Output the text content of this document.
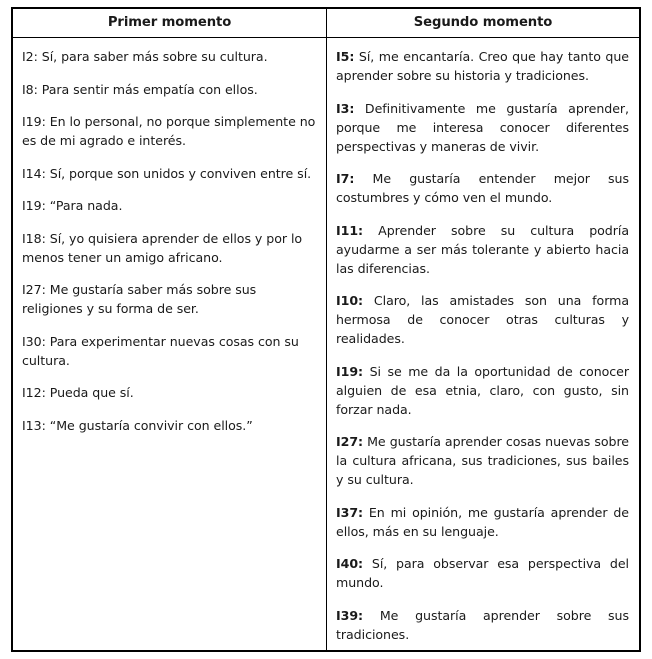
Primer momento	Segundo momento

I2: Sí, para saber más sobre su cultura.

I8: Para sentir más empatía con ellos.

I19: En lo personal, no porque simplemente no es de mi agrado e interés.

I14: Sí, porque son unidos y conviven entre sí.

I19: “Para nada.

I18: Sí, yo quisiera aprender de ellos y por lo menos tener un amigo africano.

I27: Me gustaría saber más sobre sus religiones y su forma de ser.

I30: Para experimentar nuevas cosas con su cultura.

I12: Pueda que sí.

I13: “Me gustaría convivir con ellos.”

I5: Sí, me encantaría. Creo que hay tanto que aprender sobre su historia y tradiciones.

I3: Definitivamente me gustaría aprender, porque me interesa conocer diferentes perspectivas y maneras de vivir.

I7: Me gustaría entender mejor sus costumbres y cómo ven el mundo.

I11: Aprender sobre su cultura podría ayudarme a ser más tolerante y abierto hacia las diferencias.

I10: Claro, las amistades son una forma hermosa de conocer otras culturas y realidades.

I19: Si se me da la oportunidad de conocer alguien de esa etnia, claro, con gusto, sin forzar nada.

I27: Me gustaría aprender cosas nuevas sobre la cultura africana, sus tradiciones, sus bailes y su cultura.

I37: En mi opinión, me gustaría aprender de ellos, más en su lenguaje.

I40: Sí, para observar esa perspectiva del mundo.

I39: Me gustaría aprender sobre sus tradiciones.
